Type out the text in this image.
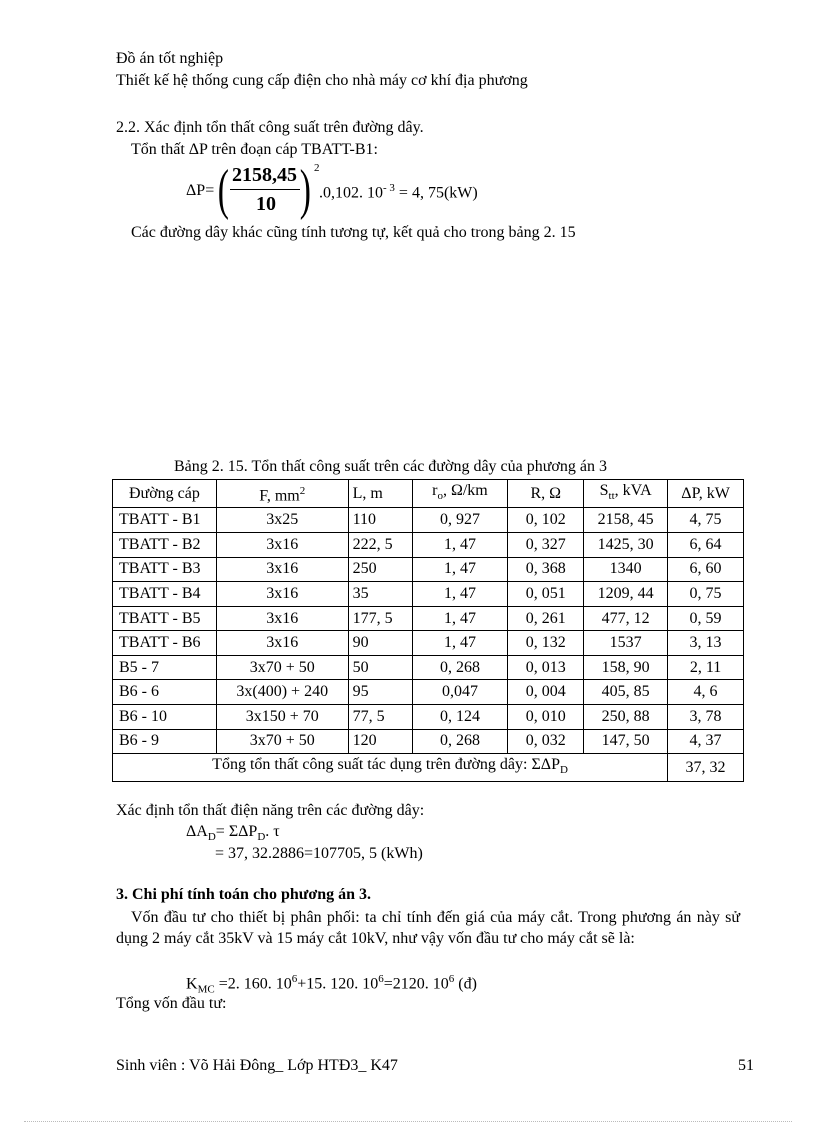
Đồ án tốt nghiệp
Thiết kế hệ thống cung cấp điện cho nhà máy cơ khí địa phương
2.2. Xác định tổn thất công suất trên đường dây.
Tổn thất ΔP trên đoạn cáp TBATT-B1:
ΔP= ( 2158,45
10 ) 2
.0,102. $10^{- 3} = 4$, 75(kW)
Các đường dây khác cũng tính tương tự, kết quả cho trong bảng 2. 15
Bảng 2. 15. Tổn thất công suất trên các đường dây của phương án 3
Đường cáp	F, $mm^2$	L, m	$r_o$, Ω/km	R, Ω	$S_{tt}$, kVA	ΔP, kW
TBATT - B1	3x25	110	0, 927	0, 102	2158, 45	4, 75
TBATT - B2	3x16	222, 5	1, 47	0, 327	1425, 30	6, 64
TBATT - B3	3x16	250	1, 47	0, 368	1340	6, 60
TBATT - B4	3x16	35	1, 47	0, 051	1209, 44	0, 75
TBATT - B5	3x16	177, 5	1, 47	0, 261	477, 12	0, 59
TBATT - B6	3x16	90	1, 47	0, 132	1537	3, 13
B5 - 7	3x70 + 50	50	0, 268	0, 013	158, 90	2, 11
B6 - 6	3x(400) + 240	95	0,047	0, 004	405, 85	4, 6
B6 - 10	3x150 + 70	77, 5	0, 124	0, 010	250, 88	3, 78
B6 - 9	3x70 + 50	120	0, 268	0, 032	147, 50	4, 37
Tổng tổn thất công suất tác dụng trên đường dây: $\Sigma\Delta P_D$						37, 32
Xác định tổn thất điện năng trên các đường dây:
$\Delta A_D= \Sigma\Delta P_D$. τ
= 37, 32.2886=107705, 5 (kWh)
3. Chi phí tính toán cho phương án 3.
Vốn đầu tư cho thiết bị phân phối: ta chỉ tính đến giá của máy cắt. Trong phương án này sử dụng 2 máy cắt 35kV và 15 máy cắt 10kV, như vậy vốn đầu tư cho máy cắt sẽ là:
$K_{MC} =2$. 160. $10^6+15$. 120. $10^6=2120$. $10^6$ (đ)
Tổng vốn đầu tư:
Sinh viên : Võ Hải Đông_ Lớp HTĐ3_ K47	51
